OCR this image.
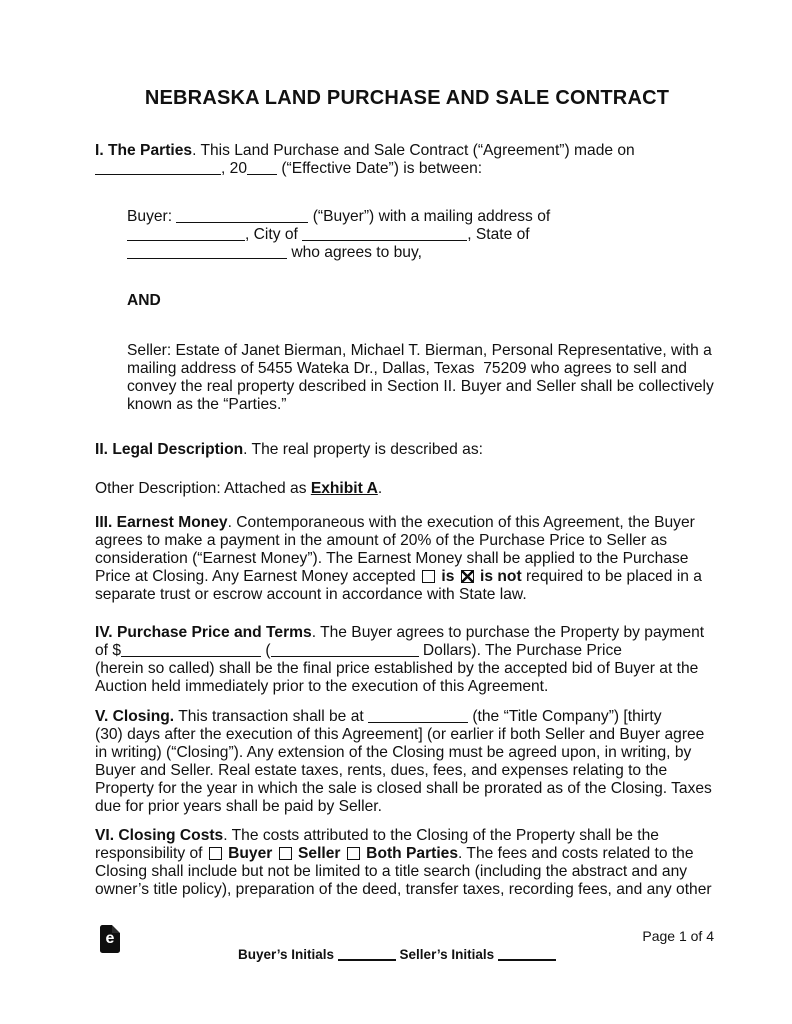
NEBRASKA LAND PURCHASE AND SALE CONTRACT
I. The Parties. This Land Purchase and Sale Contract (“Agreement”) made on
, 20 (“Effective Date”) is between:
Buyer:	(“Buyer”) with a mailing address of
, City of	, State of
who agrees to buy,
AND
Seller: Estate of Janet Bierman, Michael T. Bierman, Personal Representative, with a
mailing address of 5455 Wateka Dr., Dallas, Texas  75209 who agrees to sell and
convey the real property described in Section II. Buyer and Seller shall be collectively
known as the “Parties.”
II. Legal Description. The real property is described as:
Other Description: Attached as Exhibit A.
III. Earnest Money. Contemporaneous with the execution of this Agreement, the Buyer
agrees to make a payment in the amount of 20% of the Purchase Price to Seller as
consideration (“Earnest Money”). The Earnest Money shall be applied to the Purchase
Price at Closing. Any Earnest Money accepted  is  is not required to be placed in a
separate trust or escrow account in accordance with State law.
IV. Purchase Price and Terms. The Buyer agrees to purchase the Property by payment
of $	(	Dollars). The Purchase Price
(herein so called) shall be the final price established by the accepted bid of Buyer at the
Auction held immediately prior to the execution of this Agreement.
V. Closing. This transaction shall be at	(the “Title Company”) [thirty
(30) days after the execution of this Agreement] (or earlier if both Seller and Buyer agree
in writing) (“Closing”). Any extension of the Closing must be agreed upon, in writing, by
Buyer and Seller. Real estate taxes, rents, dues, fees, and expenses relating to the
Property for the year in which the sale is closed shall be prorated as of the Closing. Taxes
due for prior years shall be paid by Seller.
VI. Closing Costs. The costs attributed to the Closing of the Property shall be the
responsibility of  Buyer  Seller  Both Parties. The fees and costs related to the
Closing shall include but not be limited to a title search (including the abstract and any
owner’s title policy), preparation of the deed, transfer taxes, recording fees, and any other
e	Page 1 of 4
Buyer’s Initials	Seller’s Initials
